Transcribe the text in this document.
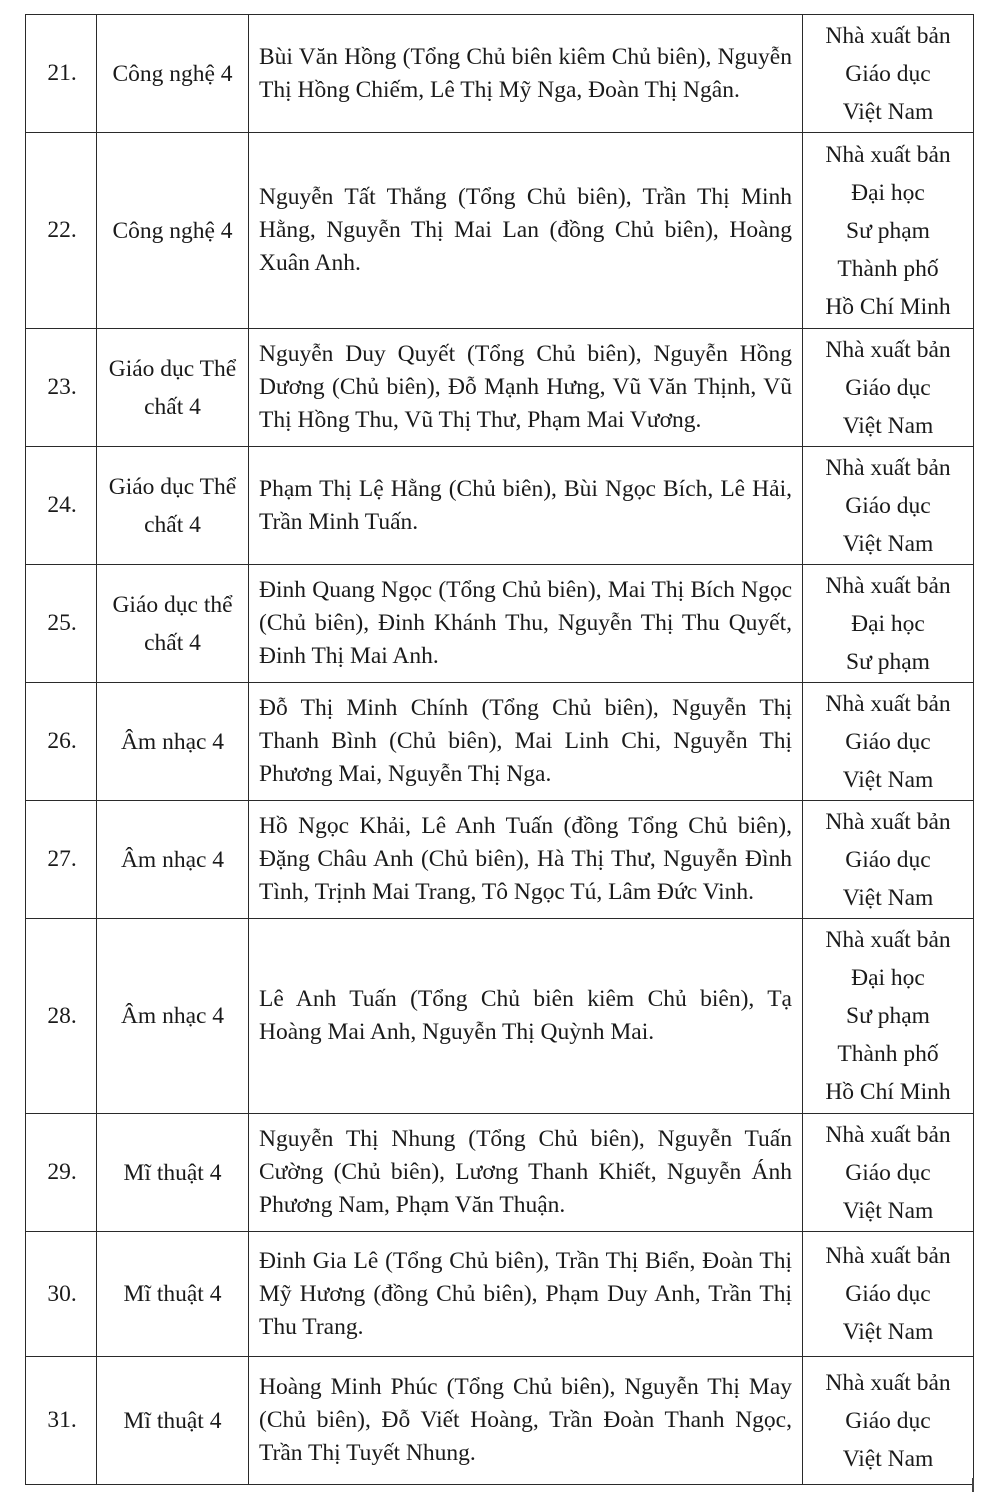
21.	Công nghệ 4	Bùi Văn Hồng (Tổng Chủ biên kiêm Chủ biên), Nguyễn Thị Hồng Chiếm, Lê Thị Mỹ Nga, Đoàn Thị Ngân.	Nhà xuất bản
Giáo dục
Việt Nam

22.	Công nghệ 4	Nguyễn Tất Thắng (Tổng Chủ biên), Trần Thị Minh Hằng, Nguyễn Thị Mai Lan (đồng Chủ biên), Hoàng Xuân Anh.	Nhà xuất bản
Đại học
Sư phạm
Thành phố
Hồ Chí Minh

23.	Giáo dục Thể chất 4	Nguyễn Duy Quyết (Tổng Chủ biên), Nguyễn Hồng Dương (Chủ biên), Đỗ Mạnh Hưng, Vũ Văn Thịnh, Vũ Thị Hồng Thu, Vũ Thị Thư, Phạm Mai Vương.	Nhà xuất bản
Giáo dục
Việt Nam

24.	Giáo dục Thể chất 4	Phạm Thị Lệ Hằng (Chủ biên), Bùi Ngọc Bích, Lê Hải, Trần Minh Tuấn.	Nhà xuất bản
Giáo dục
Việt Nam

25.	Giáo dục thể chất 4	Đinh Quang Ngọc (Tổng Chủ biên), Mai Thị Bích Ngọc (Chủ biên), Đinh Khánh Thu, Nguyễn Thị Thu Quyết, Đinh Thị Mai Anh.	Nhà xuất bản
Đại học
Sư phạm

26.	Âm nhạc 4	Đỗ Thị Minh Chính (Tổng Chủ biên), Nguyễn Thị Thanh Bình (Chủ biên), Mai Linh Chi, Nguyễn Thị Phương Mai, Nguyễn Thị Nga.	Nhà xuất bản
Giáo dục
Việt Nam

27.	Âm nhạc 4	Hồ Ngọc Khải, Lê Anh Tuấn (đồng Tổng Chủ biên), Đặng Châu Anh (Chủ biên), Hà Thị Thư, Nguyễn Đình Tình, Trịnh Mai Trang, Tô Ngọc Tú, Lâm Đức Vinh.	Nhà xuất bản
Giáo dục
Việt Nam

28.	Âm nhạc 4	Lê Anh Tuấn (Tổng Chủ biên kiêm Chủ biên), Tạ Hoàng Mai Anh, Nguyễn Thị Quỳnh Mai.	Nhà xuất bản
Đại học
Sư phạm
Thành phố
Hồ Chí Minh

29.	Mĩ thuật 4	Nguyễn Thị Nhung (Tổng Chủ biên), Nguyễn Tuấn Cường (Chủ biên), Lương Thanh Khiết, Nguyễn Ánh Phương Nam, Phạm Văn Thuận.	Nhà xuất bản
Giáo dục
Việt Nam

30.	Mĩ thuật 4	Đinh Gia Lê (Tổng Chủ biên), Trần Thị Biển, Đoàn Thị Mỹ Hương (đồng Chủ biên), Phạm Duy Anh, Trần Thị Thu Trang.	Nhà xuất bản
Giáo dục
Việt Nam

31.	Mĩ thuật 4	Hoàng Minh Phúc (Tổng Chủ biên), Nguyễn Thị May (Chủ biên), Đỗ Viết Hoàng, Trần Đoàn Thanh Ngọc, Trần Thị Tuyết Nhung.	Nhà xuất bản
Giáo dục
Việt Nam
